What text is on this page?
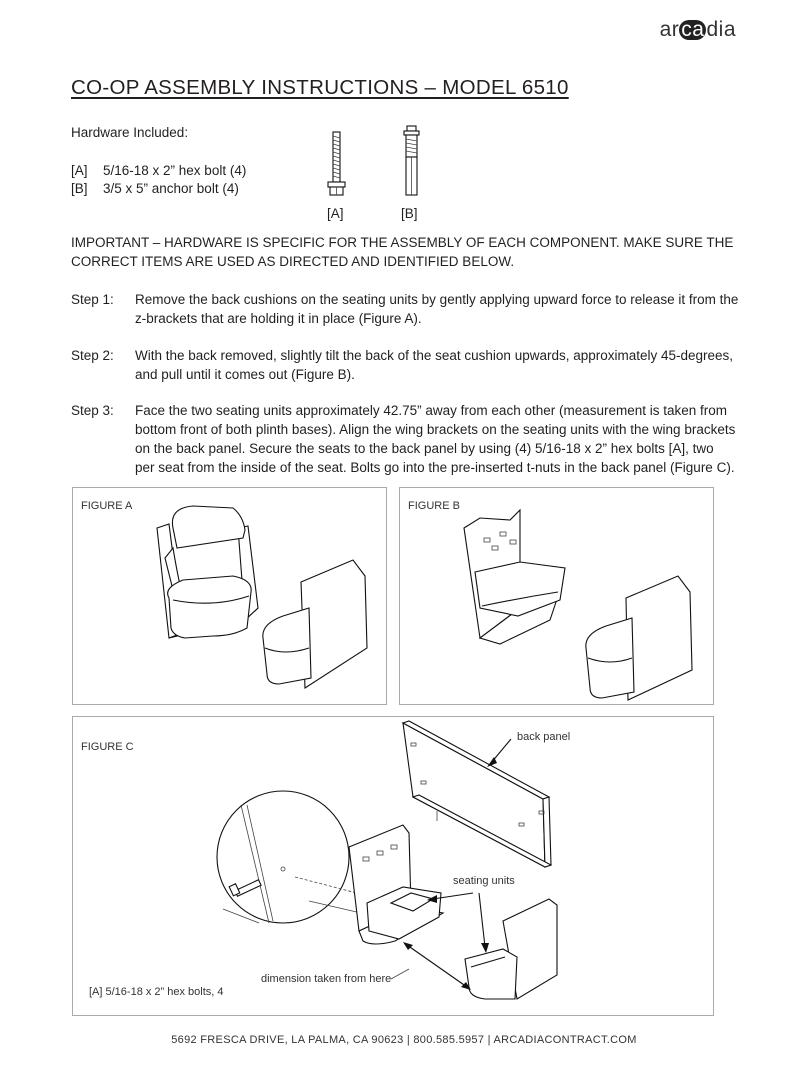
arcadia
CO-OP ASSEMBLY INSTRUCTIONS – MODEL 6510
Hardware Included:
[A] 5/16-18 x 2” hex bolt (4)
[B] 3/5 x 5” anchor bolt (4)
[A]	[B]
IMPORTANT – HARDWARE IS SPECIFIC FOR THE ASSEMBLY OF EACH COMPONENT. MAKE SURE THE
CORRECT ITEMS ARE USED AS DIRECTED AND IDENTIFIED BELOW.
Step 1:	Remove the back cushions on the seating units by gently applying upward force to release it from the
z-brackets that are holding it in place (Figure A).
Step 2:	With the back removed, slightly tilt the back of the seat cushion upwards, approximately 45-degrees,
and pull until it comes out (Figure B).
Step 3:	Face the two seating units approximately 42.75” away from each other (measurement is taken from
bottom front of both plinth bases). Align the wing brackets on the seating units with the wing brackets
on the back panel. Secure the seats to the back panel by using (4) 5/16-18 x 2” hex bolts [A], two
per seat from the inside of the seat. Bolts go into the pre-inserted t-nuts in the back panel (Figure C).
FIGURE A	FIGURE B
FIGURE C
back panel
seating units
dimension taken from here
[A] 5/16-18 x 2” hex bolts, 4
5692 FRESCA DRIVE, LA PALMA, CA 90623 | 800.585.5957 | ARCADIACONTRACT.COM
